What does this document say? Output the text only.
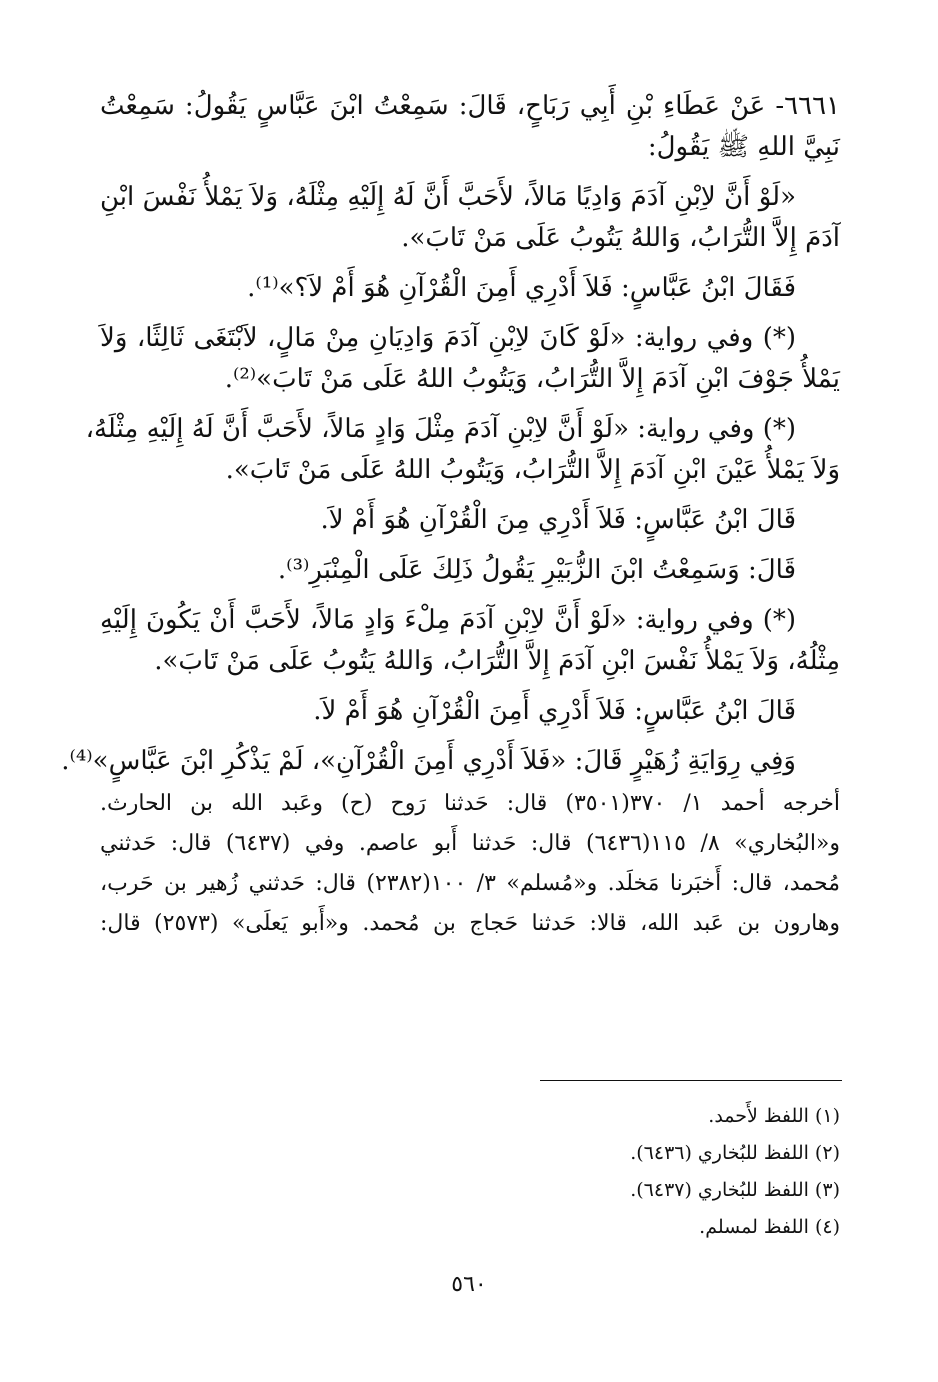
٦٦٦١- عَنْ عَطَاءِ بْنِ أَبِي رَبَاحٍ، قَالَ: سَمِعْتُ ابْنَ عَبَّاسٍ يَقُولُ: سَمِعْتُ
نَبِيَّ اللهِ ﷺ يَقُولُ:
«لَوْ أَنَّ لاِبْنِ آدَمَ وَادِيًا مَالاً، لأَحَبَّ أَنَّ لَهُ إِلَيْهِ مِثْلَهُ، وَلاَ يَمْلأُ نَفْسَ ابْنِ
آدَمَ إِلاَّ التُّرَابُ، وَاللهُ يَتُوبُ عَلَى مَنْ تَابَ».
فَقَالَ ابْنُ عَبَّاسٍ: فَلاَ أَدْرِي أَمِنَ الْقُرْآنِ هُوَ أَمْ لاَ؟»⁽¹⁾.
(*) وفي رواية: «لَوْ كَانَ لاِبْنِ آدَمَ وَادِيَانِ مِنْ مَالٍ، لاَبْتَغَى ثَالِثًا، وَلاَ
يَمْلأُ جَوْفَ ابْنِ آدَمَ إِلاَّ التُّرَابُ، وَيَتُوبُ اللهُ عَلَى مَنْ تَابَ»⁽²⁾.
(*) وفي رواية: «لَوْ أَنَّ لاِبْنِ آدَمَ مِثْلَ وَادٍ مَالاً، لأَحَبَّ أَنَّ لَهُ إِلَيْهِ مِثْلَهُ،
وَلاَ يَمْلأُ عَيْنَ ابْنِ آدَمَ إِلاَّ التُّرَابُ، وَيَتُوبُ اللهُ عَلَى مَنْ تَابَ».
قَالَ ابْنُ عَبَّاسٍ: فَلاَ أَدْرِي مِنَ الْقُرْآنِ هُوَ أَمْ لاَ.
قَالَ: وَسَمِعْتُ ابْنَ الزُّبَيْرِ يَقُولُ ذَلِكَ عَلَى الْمِنْبَرِ⁽³⁾.
(*) وفي رواية: «لَوْ أَنَّ لاِبْنِ آدَمَ مِلْءَ وَادٍ مَالاً، لأَحَبَّ أَنْ يَكُونَ إِلَيْهِ
مِثْلُهُ، وَلاَ يَمْلأُ نَفْسَ ابْنِ آدَمَ إِلاَّ التُّرَابُ، وَاللهُ يَتُوبُ عَلَى مَنْ تَابَ».
قَالَ ابْنُ عَبَّاسٍ: فَلاَ أَدْرِي أَمِنَ الْقُرْآنِ هُوَ أَمْ لاَ.
وَفِي رِوَايَةِ زُهَيْرٍ قَالَ: «فَلاَ أَدْرِي أَمِنَ الْقُرْآنِ»، لَمْ يَذْكُرِ ابْنَ عَبَّاسٍ»⁽⁴⁾.
أخرجه أحمد ١/ ٣٧٠(٣٥٠١) قال: حَدثنا رَوح (ح) وعَبد الله بن الحارث.
و«البُخاري» ٨/ ١١٥(٦٤٣٦) قال: حَدثنا أَبو عاصم. وفي (٦٤٣٧) قال: حَدثني
مُحمد، قال: أَخبَرنا مَخلَد. و«مُسلم» ٣/ ١٠٠(٢٣٨٢) قال: حَدثني زُهير بن حَرب،
وهارون بن عَبد الله، قالا: حَدثنا حَجاج بن مُحمد. و«أَبو يَعلَى» (٢٥٧٣) قال:
(١) اللفظ لأَحمد.
(٢) اللفظ للبُخاري (٦٤٣٦).
(٣) اللفظ للبُخاري (٦٤٣٧).
(٤) اللفظ لمسلم.
٥٦٠
